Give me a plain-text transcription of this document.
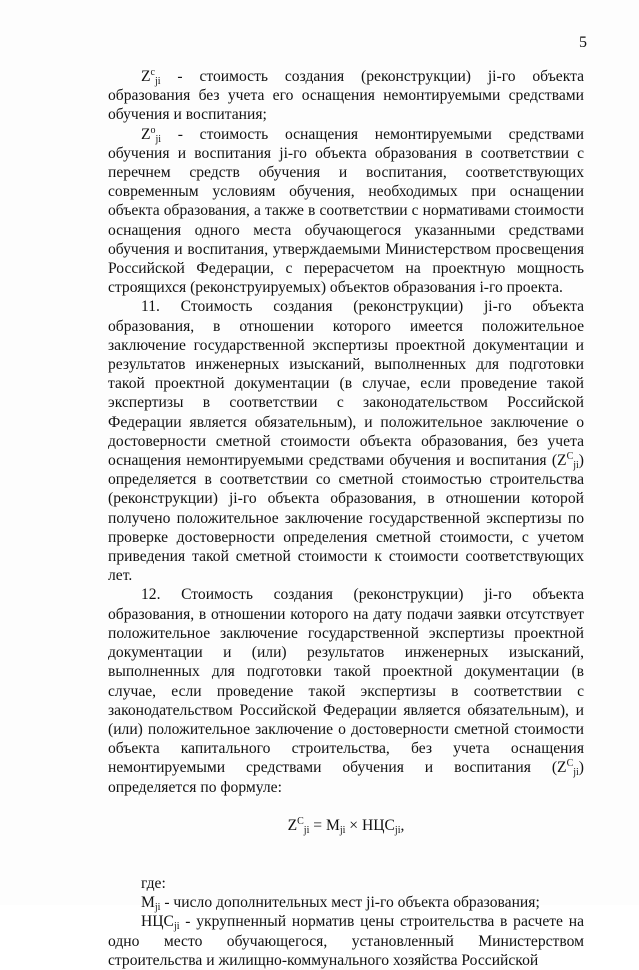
5

$Z^c_{ji}$ - стоимость создания (реконструкции) ji-го объекта образования без учета его оснащения немонтируемыми средствами обучения и воспитания;

$Z^o_{ji}$ - стоимость оснащения немонтируемыми средствами обучения и воспитания ji-го объекта образования в соответствии с перечнем средств обучения и воспитания, соответствующих современным условиям обучения, необходимых при оснащении объекта образования, а также в соответствии с нормативами стоимости оснащения одного места обучающегося указанными средствами обучения и воспитания, утверждаемыми Министерством просвещения Российской Федерации, с перерасчетом на проектную мощность строящихся (реконструируемых) объектов образования i-го проекта.

11. Стоимость создания (реконструкции) ji-го объекта образования, в отношении которого имеется положительное заключение государственной экспертизы проектной документации и результатов инженерных изысканий, выполненных для подготовки такой проектной документации (в случае, если проведение такой экспертизы в соответствии с законодательством Российской Федерации является обязательным), и положительное заключение о достоверности сметной стоимости объекта образования, без учета оснащения немонтируемыми средствами обучения и воспитания $(Z^C_{ji})$ определяется в соответствии со сметной стоимостью строительства (реконструкции) ji-го объекта образования, в отношении которой получено положительное заключение государственной экспертизы по проверке достоверности определения сметной стоимости, с учетом приведения такой сметной стоимости к стоимости соответствующих лет.

12. Стоимость создания (реконструкции) ji-го объекта образования, в отношении которого на дату подачи заявки отсутствует положительное заключение государственной экспертизы проектной документации и (или) результатов инженерных изысканий, выполненных для подготовки такой проектной документации (в случае, если проведение такой экспертизы в соответствии с законодательством Российской Федерации является обязательным), и (или) положительное заключение о достоверности сметной стоимости объекта капитального строительства, без учета оснащения немонтируемыми средствами обучения и воспитания $(Z^C_{ji})$ определяется по формуле:

$Z^C_{ji} = M_{ji} \times НЦС_{ji}$,

где:

$M_{ji}$ - число дополнительных мест ji-го объекта образования;

$НЦС_{ji}$ - укрупненный норматив цены строительства в расчете на одно место обучающегося, установленный Министерством строительства и жилищно-коммунального хозяйства Российской
